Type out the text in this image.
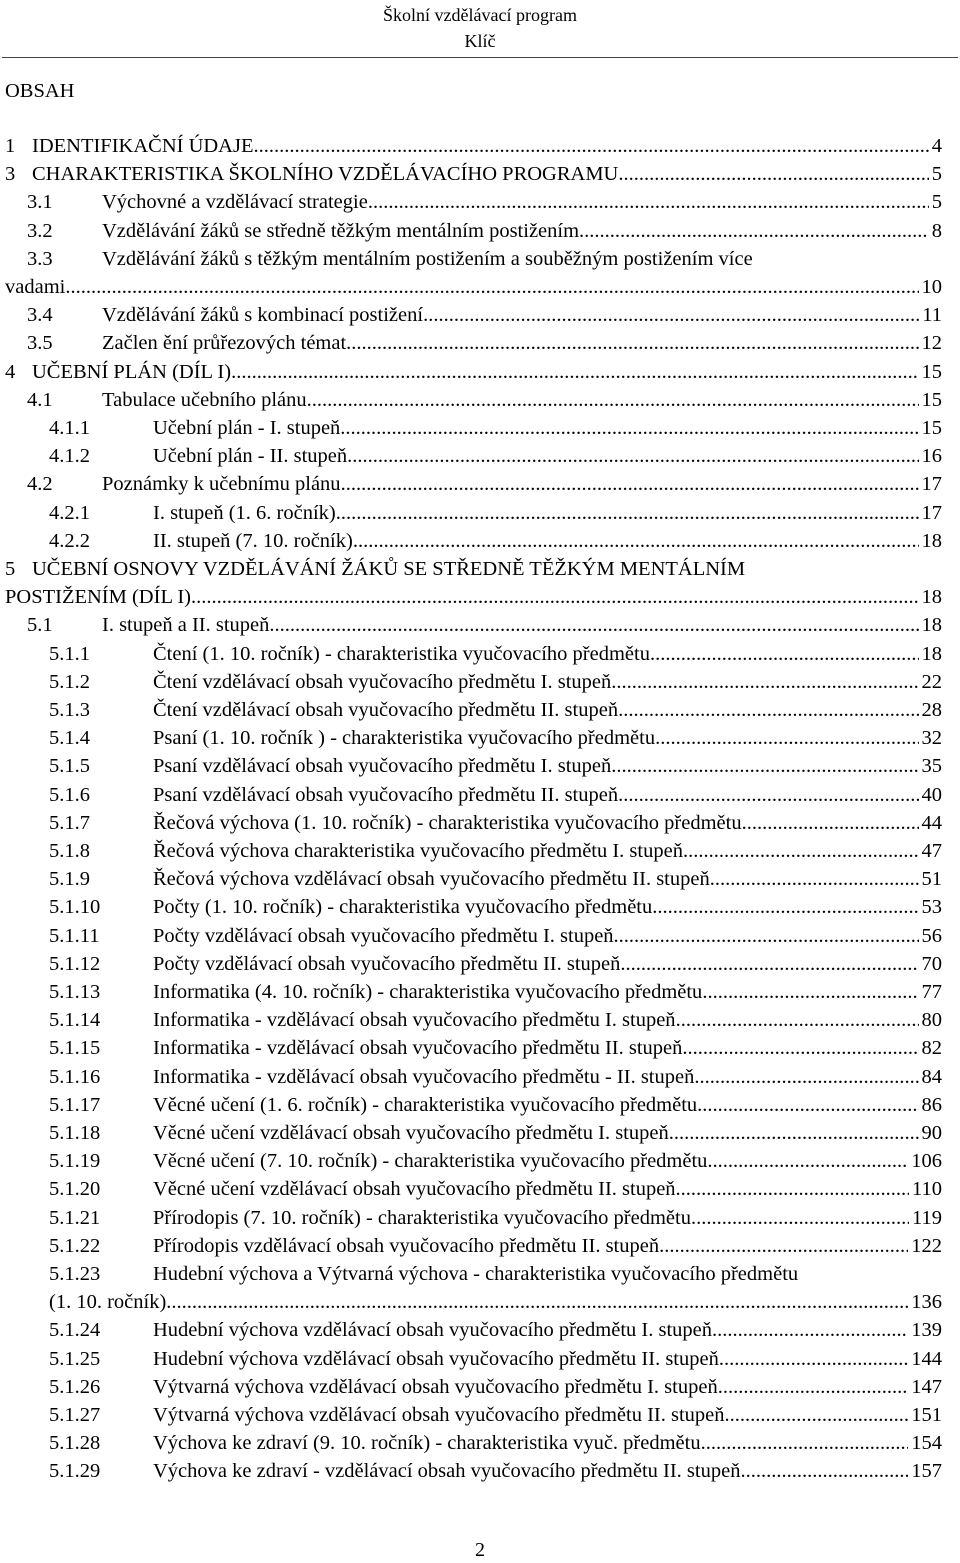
Školní vzdělávací program
Klíč
OBSAH
1 IDENTIFIKAČNÍ ÚDAJE .....	4
3 CHARAKTERISTIKA ŠKOLNÍHO VZDĚLÁVACÍHO PROGRAMU .....	5
3.1	Výchovné a vzdělávací strategie .....	5
3.2	Vzdělávání žáků se středně těžkým mentálním postižením .....	8
3.3	Vzdělávání žáků s těžkým mentálním postižením a souběžným postižením více
vadami .....	10
3.4	Vzdělávání žáků s kombinací postižení .....	11
3.5	Začlen ění průřezových témat .....	12
4 UČEBNÍ PLÁN (DÍL I) .....	15
4.1	Tabulace učebního plánu .....	15
4.1.1	Učební plán - I. stupeň .....	15
4.1.2	Učební plán - II. stupeň .....	16
4.2	Poznámky k učebnímu plánu .....	17
4.2.1	I. stupeň (1. 6. ročník) .....	17
4.2.2	II. stupeň (7. 10. ročník) .....	18
5 UČEBNÍ OSNOVY VZDĚLÁVÁNÍ ŽÁKŮ SE STŘEDNĚ TĚŽKÝM MENTÁLNÍM
POSTIŽENÍM (DÍL I) .....	18
5.1	I. stupeň a II. stupeň .....	18
5.1.1	Čtení (1. 10. ročník) - charakteristika vyučovacího předmětu .....	18
5.1.2	Čtení vzdělávací obsah vyučovacího předmětu I. stupeň .....	22
5.1.3	Čtení vzdělávací obsah vyučovacího předmětu II. stupeň .....	28
5.1.4	Psaní (1. 10. ročník ) - charakteristika vyučovacího předmětu .....	32
5.1.5	Psaní vzdělávací obsah vyučovacího předmětu I. stupeň .....	35
5.1.6	Psaní vzdělávací obsah vyučovacího předmětu II. stupeň .....	40
5.1.7	Řečová výchova (1. 10. ročník) - charakteristika vyučovacího předmětu .....	44
5.1.8	Řečová výchova charakteristika vyučovacího předmětu I. stupeň .....	47
5.1.9	Řečová výchova vzdělávací obsah vyučovacího předmětu II. stupeň .....	51
5.1.10	Počty (1. 10. ročník) - charakteristika vyučovacího předmětu .....	53
5.1.11	Počty vzdělávací obsah vyučovacího předmětu I. stupeň .....	56
5.1.12	Počty vzdělávací obsah vyučovacího předmětu II. stupeň .....	70
5.1.13	Informatika (4. 10. ročník) - charakteristika vyučovacího předmětu .....	77
5.1.14	Informatika - vzdělávací obsah vyučovacího předmětu I. stupeň .....	80
5.1.15	Informatika - vzdělávací obsah vyučovacího předmětu II. stupeň .....	82
5.1.16	Informatika - vzdělávací obsah vyučovacího předmětu - II. stupeň .....	84
5.1.17	Věcné učení (1. 6. ročník) - charakteristika vyučovacího předmětu .....	86
5.1.18	Věcné učení vzdělávací obsah vyučovacího předmětu I. stupeň .....	90
5.1.19	Věcné učení (7. 10. ročník) - charakteristika vyučovacího předmětu .....	106
5.1.20	Věcné učení vzdělávací obsah vyučovacího předmětu II. stupeň .....	110
5.1.21	Přírodopis (7. 10. ročník) - charakteristika vyučovacího předmětu .....	119
5.1.22	Přírodopis vzdělávací obsah vyučovacího předmětu II. stupeň .....	122
5.1.23	Hudební výchova a Výtvarná výchova - charakteristika vyučovacího předmětu
(1. 10. ročník) .....	136
5.1.24	Hudební výchova vzdělávací obsah vyučovacího předmětu I. stupeň .....	139
5.1.25	Hudební výchova vzdělávací obsah vyučovacího předmětu II. stupeň .....	144
5.1.26	Výtvarná výchova vzdělávací obsah vyučovacího předmětu I. stupeň .....	147
5.1.27	Výtvarná výchova vzdělávací obsah vyučovacího předmětu II. stupeň .....	151
5.1.28	Výchova ke zdraví (9. 10. ročník) - charakteristika vyuč. předmětu .....	154
5.1.29	Výchova ke zdraví - vzdělávací obsah vyučovacího předmětu II. stupeň .....	157
2
